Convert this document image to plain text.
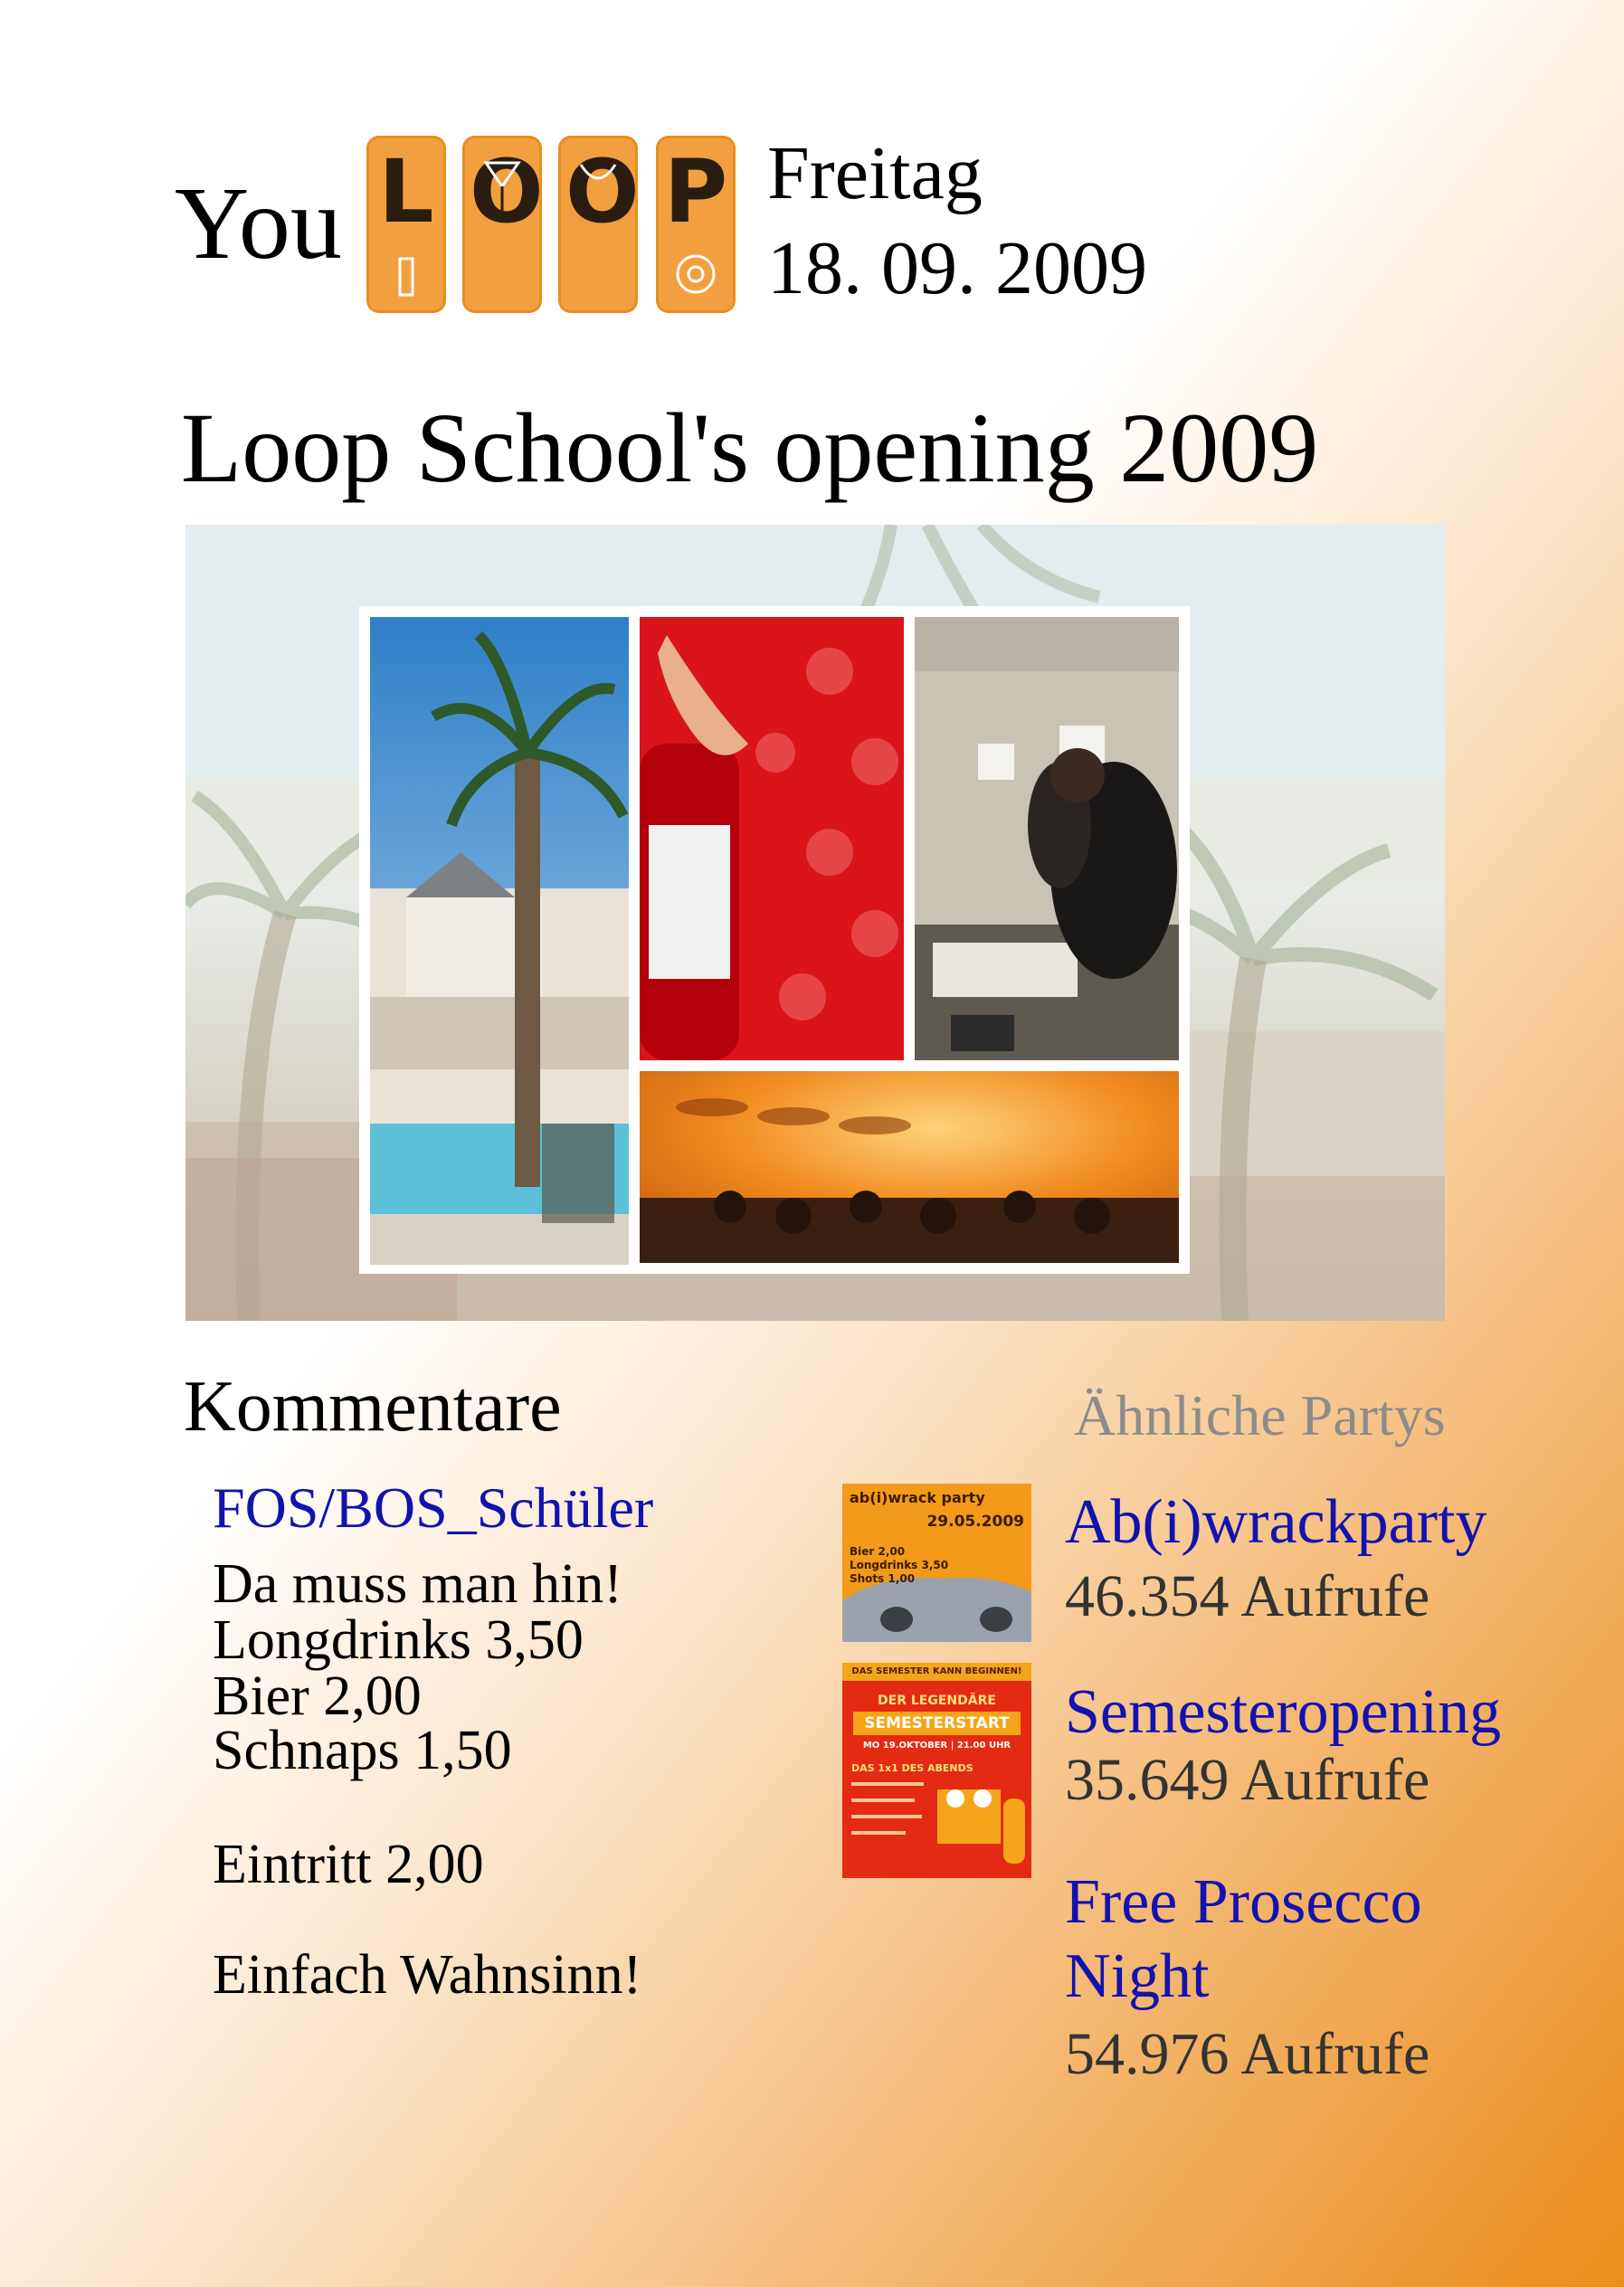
You L O O P Freitag
18. 09. 2009
Loop School's opening 2009
Kommentare
FOS/BOS_Schüler
Da muss man hin!
Longdrinks 3,50
Bier 2,00
Schnaps 1,50
Eintritt 2,00
Einfach Wahnsinn!
Ähnliche Partys
ab(i)wrack party
29.05.2009
Bier 2,00
Longdrinks 3,50
Shots 1,00
DAS SEMESTER KANN BEGINNEN!
DER LEGENDÄRE
SEMESTERSTART
MO 19.OKTOBER | 21.00 UHR
DAS 1x1 DES ABENDS
Ab(i)wrackparty
46.354 Aufrufe
Semesteropening
35.649 Aufrufe
Free Prosecco
Night
54.976 Aufrufe
